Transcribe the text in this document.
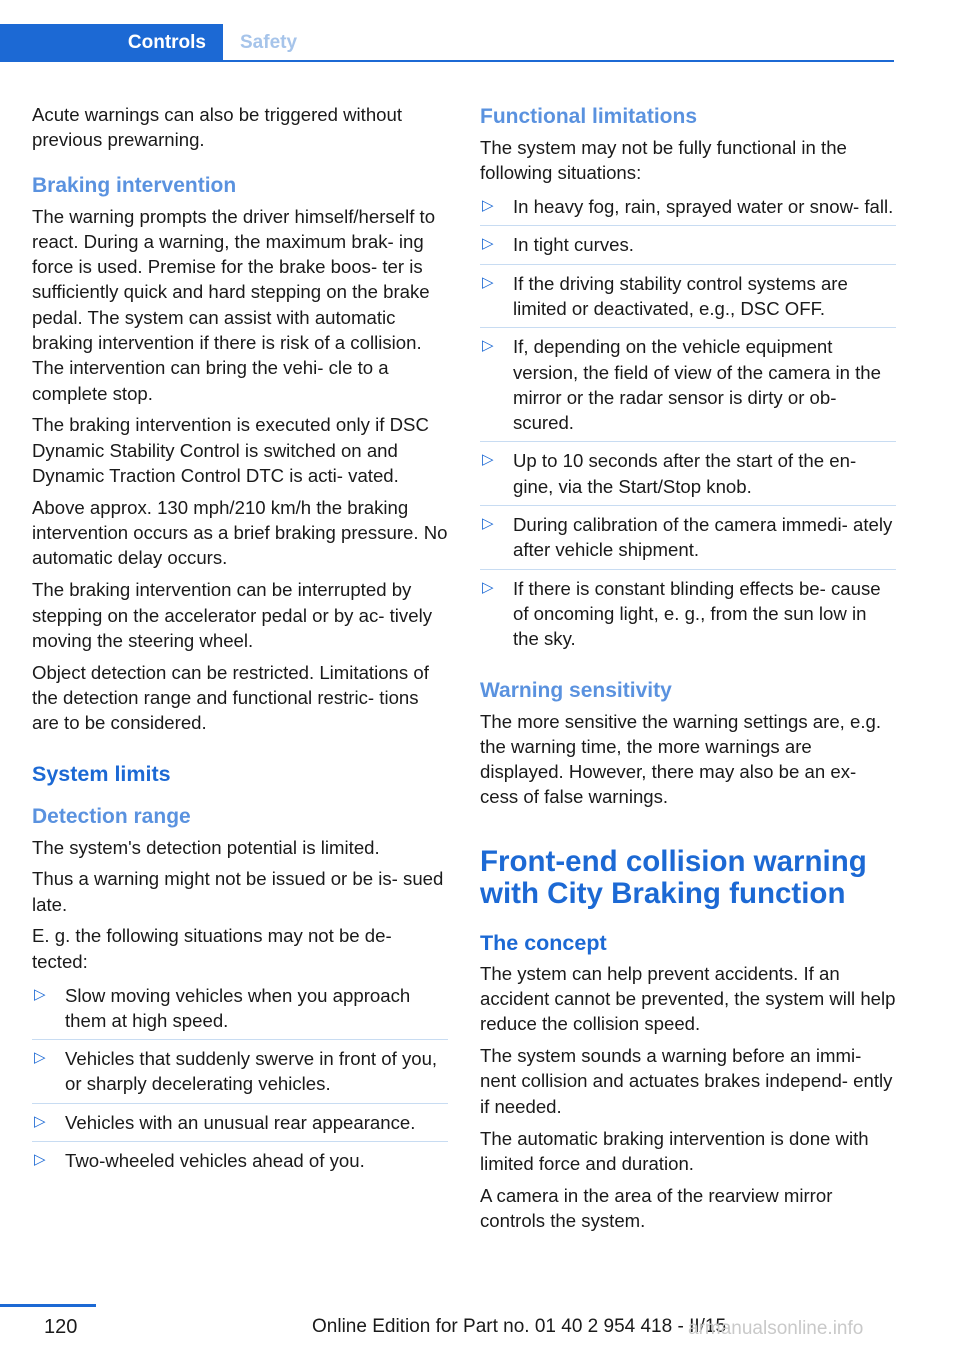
Controls	Safety

Acute warnings can also be triggered without previous prewarning.

Braking intervention

The warning prompts the driver himself/herself to react. During a warning, the maximum brak‐ ing force is used. Premise for the brake boos‐ ter is sufficiently quick and hard stepping on the brake pedal. The system can assist with automatic braking intervention if there is risk of a collision. The intervention can bring the vehi‐ cle to a complete stop.

The braking intervention is executed only if DSC Dynamic Stability Control is switched on and Dynamic Traction Control DTC is acti‐ vated.

Above approx. 130 mph/210 km/h the braking intervention occurs as a brief braking pressure. No automatic delay occurs.

The braking intervention can be interrupted by stepping on the accelerator pedal or by ac‐ tively moving the steering wheel.

Object detection can be restricted. Limitations of the detection range and functional restric‐ tions are to be considered.

System limits
Detection range

The system's detection potential is limited.

Thus a warning might not be issued or be is‐ sued late.

E. g. the following situations may not be de‐ tected:

▷ Slow moving vehicles when you approach them at high speed.
▷ Vehicles that suddenly swerve in front of you, or sharply decelerating vehicles.
▷ Vehicles with an unusual rear appearance.
▷ Two-wheeled vehicles ahead of you.
Functional limitations

The system may not be fully functional in the following situations:

▷ In heavy fog, rain, sprayed water or snow‐ fall.
▷ In tight curves.
▷ If the driving stability control systems are limited or deactivated, e.g., DSC OFF.
▷ If, depending on the vehicle equipment version, the field of view of the camera in the mirror or the radar sensor is dirty or ob‐ scured.
▷ Up to 10 seconds after the start of the en‐ gine, via the Start/Stop knob.
▷ During calibration of the camera immedi‐ ately after vehicle shipment.
▷ If there is constant blinding effects be‐ cause of oncoming light, e. g., from the sun low in the sky.
Warning sensitivity

The more sensitive the warning settings are, e.g. the warning time, the more warnings are displayed. However, there may also be an ex‐ cess of false warnings.

Front-end collision warning with City Braking function
The concept

The ystem can help prevent accidents. If an accident cannot be prevented, the system will help reduce the collision speed.

The system sounds a warning before an immi‐ nent collision and actuates brakes independ‐ ently if needed.

The automatic braking intervention is done with limited force and duration.

A camera in the area of the rearview mirror controls the system.

120	Online Edition for Part no. 01 40 2 954 418 - II/15
armanualsonline.info
